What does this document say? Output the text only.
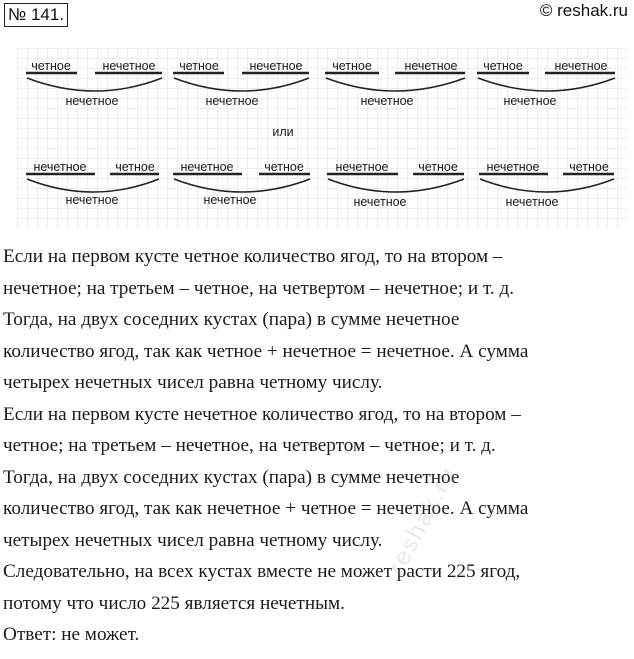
№ 141.	© reshak.ru
четное	нечетное
нечетное
четное нечетное
нечетное
четное	нечетное
нечетное
четное	нечетное
нечетное
или
нечетное четное
нечетное
нечетное четное
нечетное
нечетное четное
нечетное
нечетное четное
нечетное
Если на первом кусте четное количество ягод, то на втором –
нечетное; на третьем – четное, на четвертом – нечетное; и т. д.
Тогда, на двух соседних кустах (пара) в сумме нечетное
количество ягод, так как четное + нечетное = нечетное. А сумма
четырех нечетных чисел равна четному числу.
Если на первом кусте нечетное количество ягод, то на втором –
четное; на третьем – нечетное, на четвертом – четное; и т. д.
Тогда, на двух соседних кустах (пара) в сумме нечетное
количество ягод, так как нечетное + четное = нечетное. А сумма
четырех нечетных чисел равна четному числу.
Следовательно, на всех кустах вместе не может расти 225 ягод,
потому что число 225 является нечетным.
Ответ: не может.
reshak.ru
